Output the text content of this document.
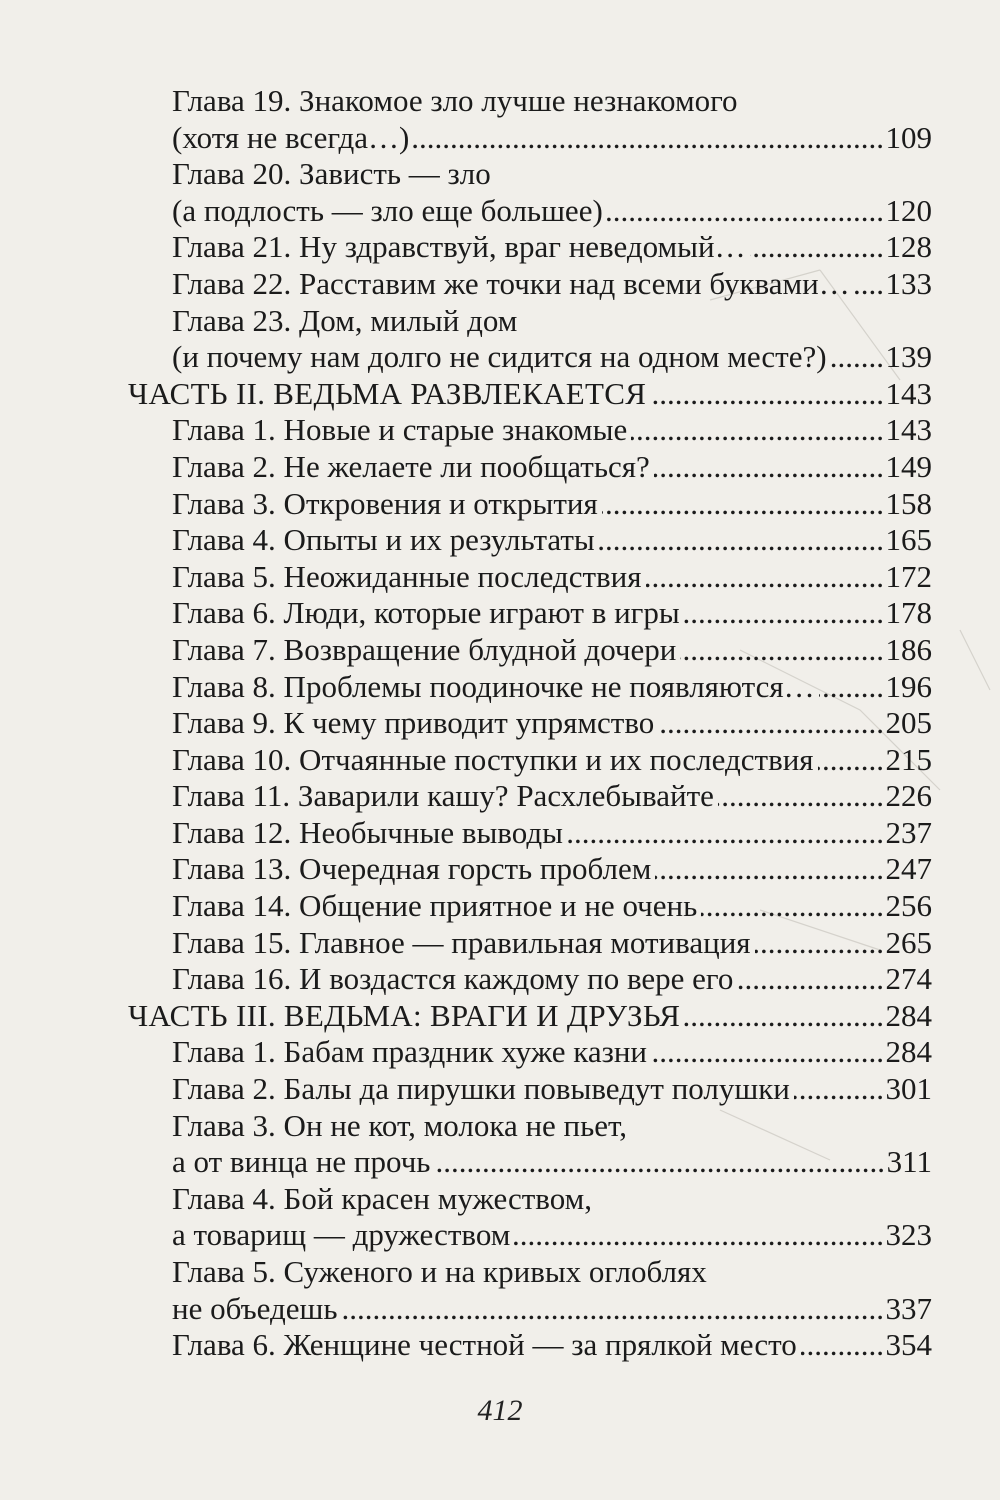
Глава 19. Знакомое зло лучше незнакомого
(хотя не всегда…) .....	109
Глава 20. Зависть — зло
(а подлость — зло еще большее) .....	120
Глава 21. Ну здравствуй, враг неведомый… .....	128
Глава 22. Расставим же точки над всеми буквами… ..... 133
Глава 23. Дом, милый дом
(и почему нам долго не сидится на одном месте?) ..... 139
ЧАСТЬ II. ВЕДЬМА РАЗВЛЕКАЕТСЯ .....	143
Глава 1. Новые и старые знакомые .....	143
Глава 2. Не желаете ли пообщаться? .....	149
Глава 3. Откровения и открытия .....	158
Глава 4. Опыты и их результаты .....	165
Глава 5. Неожиданные последствия .....	172
Глава 6. Люди, которые играют в игры .....	178
Глава 7. Возвращение блудной дочери .....	186
Глава 8. Проблемы поодиночке не появляются… ..... 196
Глава 9. К чему приводит упрямство .....	205
Глава 10. Отчаянные поступки и их последствия ..... 215
Глава 11. Заварили кашу? Расхлебывайте .....	226
Глава 12. Необычные выводы .....	237
Глава 13. Очередная горсть проблем .....	247
Глава 14. Общение приятное и не очень .....	256
Глава 15. Главное — правильная мотивация .....	265
Глава 16. И воздастся каждому по вере его .....	274
ЧАСТЬ III. ВЕДЬМА: ВРАГИ И ДРУЗЬЯ .....	284
Глава 1. Бабам праздник хуже казни .....	284
Глава 2. Балы да пирушки повыведут полушки .....	301
Глава 3. Он не кот, молока не пьет,
а от винца не прочь .....	311
Глава 4. Бой красен мужеством,
а товарищ — дружеством .....	323
Глава 5. Суженого и на кривых оглоблях
не объедешь .....	337
Глава 6. Женщине честной — за прялкой место .....	354
412
